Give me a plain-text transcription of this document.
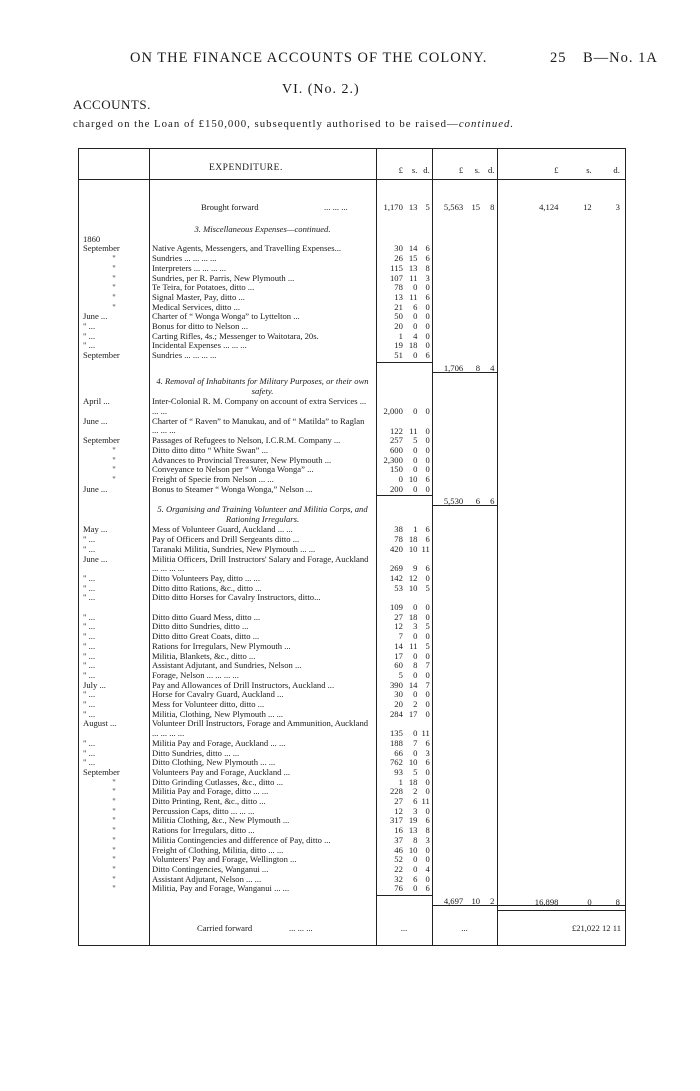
ON THE FINANCE ACCOUNTS OF THE COLONY.	25 B—No. 1A
VI. (No. 2.)
ACCOUNTS.
charged on the Loan of £150,000, subsequently authorised to be raised—continued.
EXPENDITURE.	£	s. d.	£	s. d.	£	s.	d.
Brought forward	... ... ...	1,170 13 5	5,563 15	8	4,124	12	3
3. Miscellaneous Expenses—continued.
1860
September	Native Agents, Messengers, and Travelling Expenses...	30 14 6
"	Sundries ... ... ... ...	26 15 6
"	Interpreters ... ... ... ...	115 13 8
"	Sundries, per R. Parris, New Plymouth ...	107 11 3
"	Te Teira, for Potatoes, ditto ...	78	0 0
"	Signal Master, Pay, ditto ...	13 11 6
"	Medical Services, ditto ...	21	6 0
June ...	Charter of “ Wonga Wonga” to Lyttelton ...	50	0 0
" ...	Bonus for ditto to Nelson ...	20	0 0
" ...	Carting Rifles, 4s.; Messenger to Waitotara, 20s.	1	4 0
" ...	Incidental Expenses ... ... ...	19 18 0
September	Sundries ... ... ... ...	51	0 6
1,706	8	4
4. Removal of Inhabitants for Military Purposes, or their own safety.
April ...	Inter-Colonial R. M. Company on account of extra Services ... ... ...	2,000	0 0
June ...	Charter of “ Raven” to Manukau, and of “ Matilda” to Raglan ... ... ...	122 11 0
September	Passages of Refugees to Nelson, I.C.R.M. Company ...	257	5 0
"	Ditto ditto ditto “ White Swan” ...	600	0 0
"	Advances to Provincial Treasurer, New Plymouth ...	2,300	0 0
"	Conveyance to Nelson per “ Wonga Wonga” ...	150	0 0
"	Freight of Specie from Nelson ... ...	0 10 6
June ...	Bonus to Steamer “ Wonga Wonga,” Nelson ...	200	0 0
5,530	6	6
5. Organising and Training Volunteer and Militia Corps, and Rationing Irregulars.
May ...	Mess of Volunteer Guard, Auckland ... ...	38	1 6
" ...	Pay of Officers and Drill Sergeants ditto ...	78 18 6
" ...	Taranaki Militia, Sundries, New Plymouth ... ...	420 10 11
June ...	Militia Officers, Drill Instructors' Salary and Forage, Auckland ... ... ... ...	269	9 6
" ...	Ditto Volunteers Pay, ditto ... ...	142 12 0
" ...	Ditto ditto Rations, &c., ditto ...	53 10 5
" ...	Ditto ditto Horses for Cavalry Instructors, ditto...
109	0 0
" ...	Ditto ditto Guard Mess, ditto ...	27 18 0
" ...	Ditto ditto Sundries, ditto ...	12	3 5
" ...	Ditto ditto Great Coats, ditto ...	7	0 0
" ...	Rations for Irregulars, New Plymouth ...	14 11 5
" ...	Militia, Blankets, &c., ditto ...	17	0 0
" ...	Assistant Adjutant, and Sundries, Nelson ...	60	8 7
" ...	Forage, Nelson ... ... ... ...	5	0 0
July ...	Pay and Allowances of Drill Instructors, Auckland ...	390 14 7
" ...	Horse for Cavalry Guard, Auckland ...	30	0 0
" ...	Mess for Volunteer ditto, ditto ...	20	2 0
" ...	Militia, Clothing, New Plymouth ... ...	284 17 0
August ...	Volunteer Drill Instructors, Forage and Ammunition, Auckland ... ... ... ...	135	0 11
" ...	Militia Pay and Forage, Auckland ... ...	188	7 6
" ...	Ditto Sundries, ditto ... ...	66	0 3
" ...	Ditto Clothing, New Plymouth ... ...	762 10 6
September	Volunteers Pay and Forage, Auckland ...	93	5 0
"	Ditto Grinding Cutlasses, &c., ditto ...	1 18 0
"	Militia Pay and Forage, ditto ... ...	228	2 0
"	Ditto Printing, Rent, &c., ditto ...	27	6 11
"	Percussion Caps, ditto ... ... ...	12	3 0
"	Militia Clothing, &c., New Plymouth ...	317 19 6
"	Rations for Irregulars, ditto ...	16 13 8
"	Militia Contingencies and difference of Pay, ditto ...	37	8 3
"	Freight of Clothing, Militia, ditto ... ...	46 10 0
"	Volunteers' Pay and Forage, Wellington ...	52	0 0
"	Ditto Contingencies, Wanganui ...	22	0 4
"	Assistant Adjutant, Nelson ... ...	32	6 0
"	Militia, Pay and Forage, Wanganui ... ...	76	0 6
4,697 10	2	16,898	0	8
Carried forward	... ... ...	...	...	£21,022 12 11
